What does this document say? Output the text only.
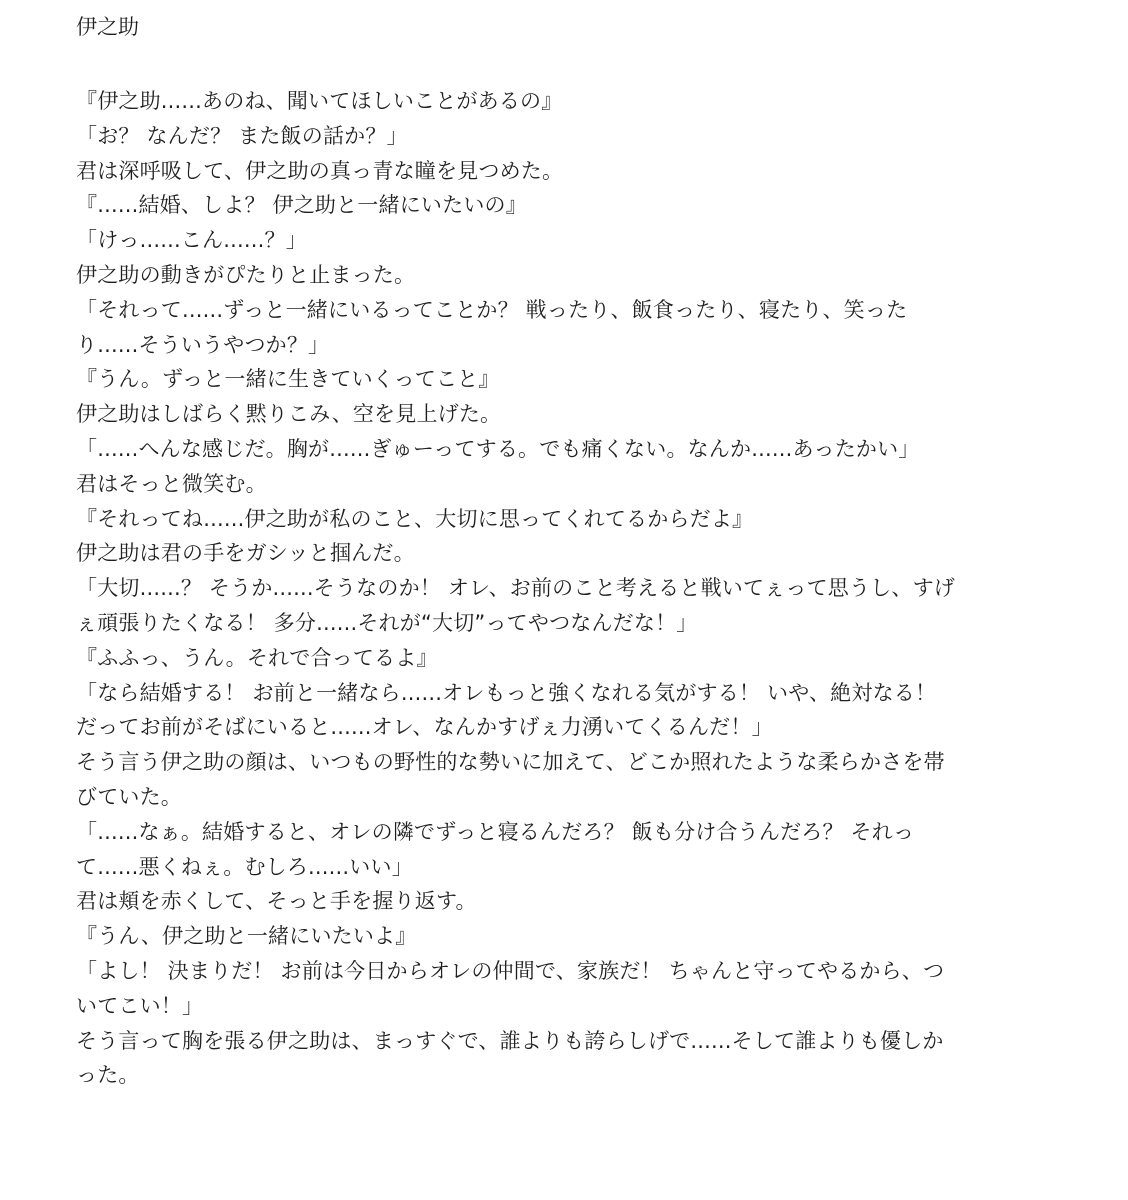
伊之助
『伊之助......あのね、聞いてほしいことがあるの』
「お？ なんだ？ また飯の話か？」
君は深呼吸して、伊之助の真っ青な瞳を見つめた。
『......結婚、しよ？ 伊之助と一緒にいたいの』
「けっ......こん......？」
伊之助の動きがぴたりと止まった。
「それって......ずっと一緒にいるってことか？ 戦ったり、飯食ったり、寝たり、笑った
り......そういうやつか？」
『うん。ずっと一緒に生きていくってこと』
伊之助はしばらく黙りこみ、空を見上げた。
「......へんな感じだ。胸が......ぎゅーってする。でも痛くない。なんか......あったかい」
君はそっと微笑む。
『それってね......伊之助が私のこと、大切に思ってくれてるからだよ』
伊之助は君の手をガシッと掴んだ。
「大切......？ そうか......そうなのか！ オレ、お前のこと考えると戦いてぇって思うし、すげ
ぇ頑張りたくなる！ 多分......それが“大切”ってやつなんだな！」
『ふふっ、うん。それで合ってるよ』
「なら結婚する！ お前と一緒なら......オレもっと強くなれる気がする！ いや、絶対なる！
だってお前がそばにいると......オレ、なんかすげぇ力湧いてくるんだ！」
そう言う伊之助の顔は、いつもの野性的な勢いに加えて、どこか照れたような柔らかさを帯
びていた。
「......なぁ。結婚すると、オレの隣でずっと寝るんだろ？ 飯も分け合うんだろ？ それっ
て......悪くねぇ。むしろ......いい」
君は頬を赤くして、そっと手を握り返す。
『うん、伊之助と一緒にいたいよ』
「よし！ 決まりだ！ お前は今日からオレの仲間で、家族だ！ ちゃんと守ってやるから、つ
いてこい！」
そう言って胸を張る伊之助は、まっすぐで、誰よりも誇らしげで......そして誰よりも優しか
った。
